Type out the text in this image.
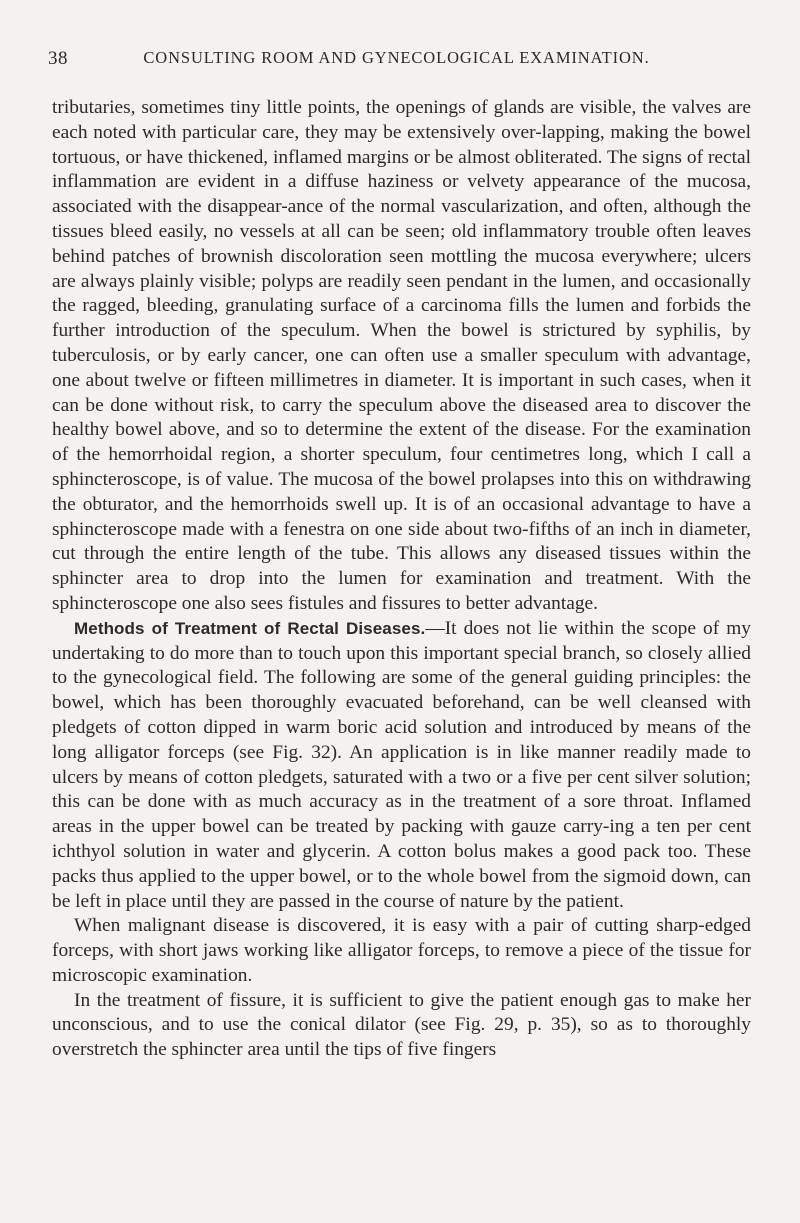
38	CONSULTING ROOM AND GYNECOLOGICAL EXAMINATION.

tributaries, sometimes tiny little points, the openings of glands are visible, the valves are each noted with particular care, they may be extensively over-lapping, making the bowel tortuous, or have thickened, inflamed margins or be almost obliterated. The signs of rectal inflammation are evident in a diffuse haziness or velvety appearance of the mucosa, associated with the disappear-ance of the normal vascularization, and often, although the tissues bleed easily, no vessels at all can be seen; old inflammatory trouble often leaves behind patches of brownish discoloration seen mottling the mucosa everywhere; ulcers are always plainly visible; polyps are readily seen pendant in the lumen, and occasionally the ragged, bleeding, granulating surface of a carcinoma fills the lumen and forbids the further introduction of the speculum. When the bowel is strictured by syphilis, by tuberculosis, or by early cancer, one can often use a smaller speculum with advantage, one about twelve or fifteen millimetres in diameter. It is important in such cases, when it can be done without risk, to carry the speculum above the diseased area to discover the healthy bowel above, and so to determine the extent of the disease. For the examination of the hemorrhoidal region, a shorter speculum, four centimetres long, which I call a sphincteroscope, is of value. The mucosa of the bowel prolapses into this on withdrawing the obturator, and the hemorrhoids swell up. It is of an occasional advantage to have a sphincteroscope made with a fenestra on one side about two-fifths of an inch in diameter, cut through the entire length of the tube. This allows any diseased tissues within the sphincter area to drop into the lumen for examination and treatment. With the sphincteroscope one also sees fistules and fissures to better advantage.

Methods of Treatment of Rectal Diseases.—It does not lie within the scope of my undertaking to do more than to touch upon this important special branch, so closely allied to the gynecological field. The following are some of the general guiding principles: the bowel, which has been thoroughly evacuated beforehand, can be well cleansed with pledgets of cotton dipped in warm boric acid solution and introduced by means of the long alligator forceps (see Fig. 32). An application is in like manner readily made to ulcers by means of cotton pledgets, saturated with a two or a five per cent silver solution; this can be done with as much accuracy as in the treatment of a sore throat. Inflamed areas in the upper bowel can be treated by packing with gauze carry-ing a ten per cent ichthyol solution in water and glycerin. A cotton bolus makes a good pack too. These packs thus applied to the upper bowel, or to the whole bowel from the sigmoid down, can be left in place until they are passed in the course of nature by the patient.

When malignant disease is discovered, it is easy with a pair of cutting sharp-edged forceps, with short jaws working like alligator forceps, to remove a piece of the tissue for microscopic examination.

In the treatment of fissure, it is sufficient to give the patient enough gas to make her unconscious, and to use the conical dilator (see Fig. 29, p. 35), so as to thoroughly overstretch the sphincter area until the tips of five fingers
